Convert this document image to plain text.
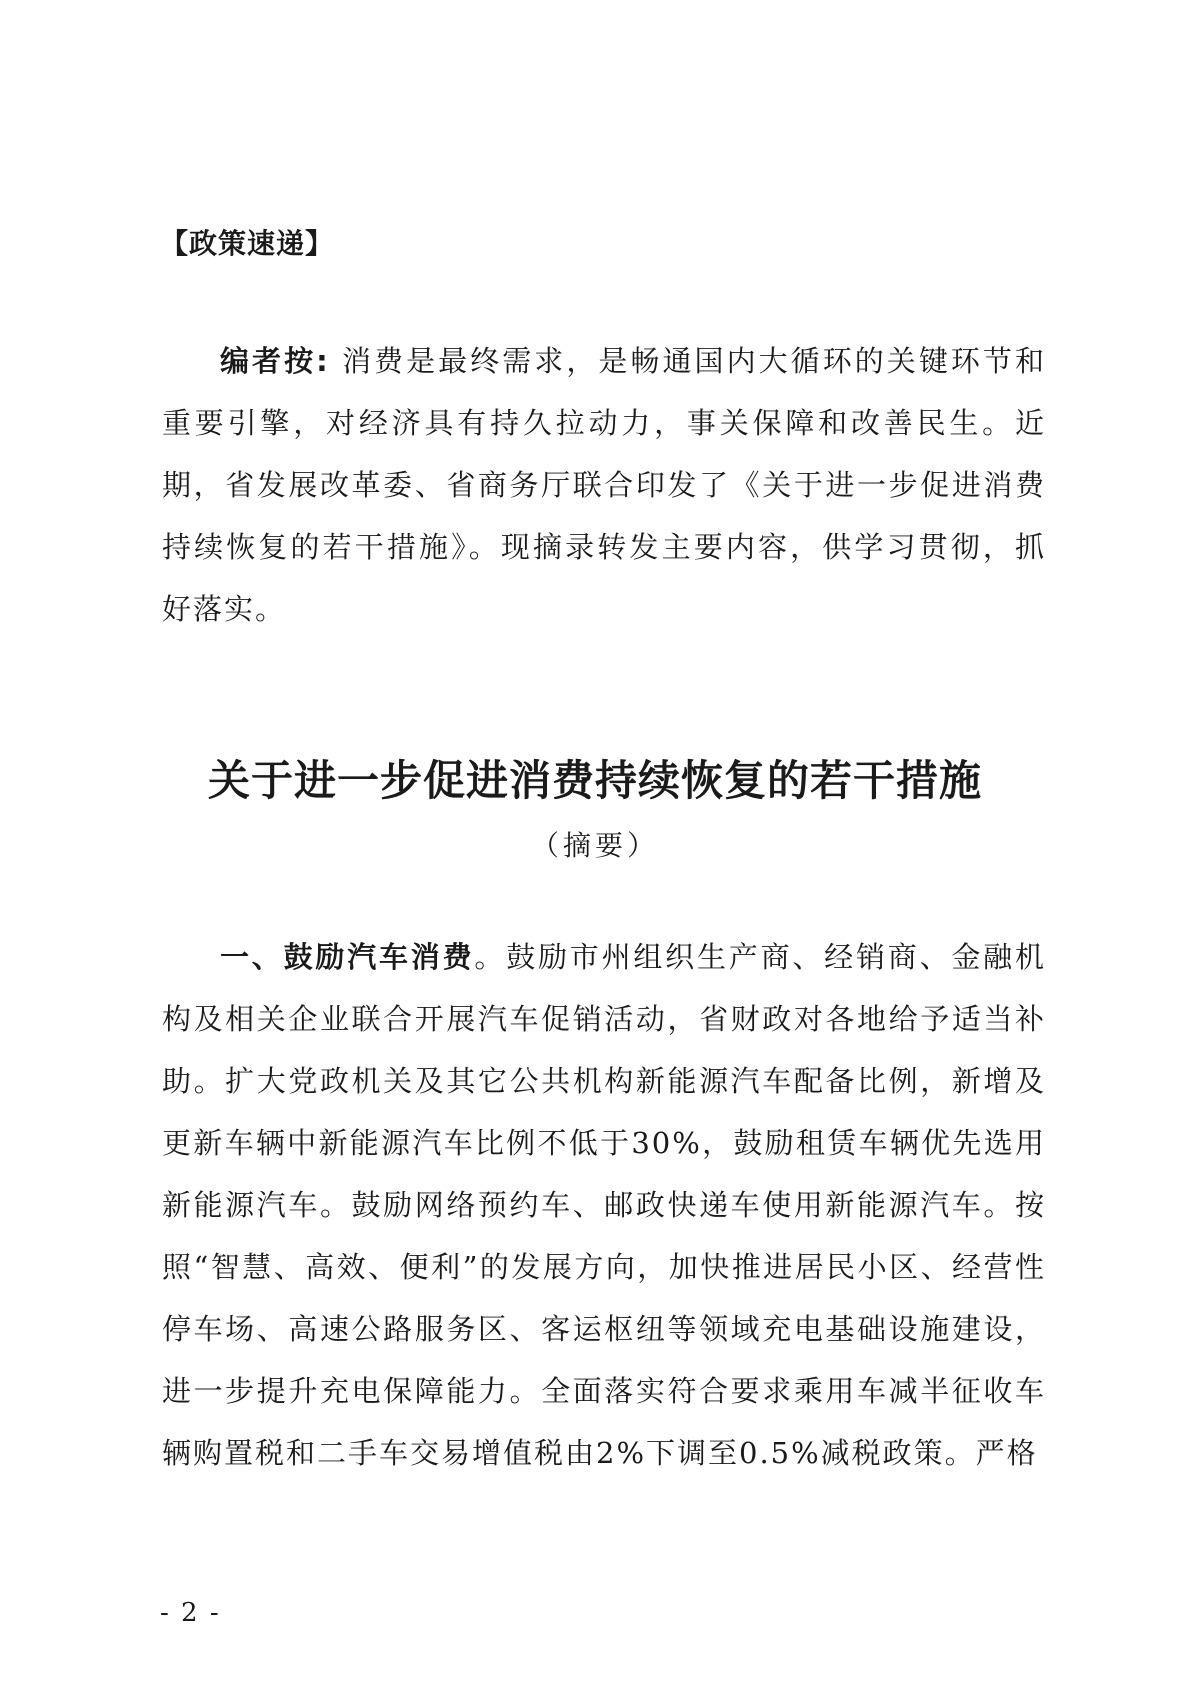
【政策速递】

编者按: 消费是最终需求，是畅通国内大循环的关键环节和重要引擎，对经济具有持久拉动力，事关保障和改善民生。近期，省发展改革委、省商务厅联合印发了《关于进一步促进消费持续恢复的若干措施》。现摘录转发主要内容，供学习贯彻，抓好落实。

关于进一步促进消费持续恢复的若干措施
（摘要）

一、鼓励汽车消费。鼓励市州组织生产商、经销商、金融机构及相关企业联合开展汽车促销活动，省财政对各地给予适当补助。扩大党政机关及其它公共机构新能源汽车配备比例，新增及更新车辆中新能源汽车比例不低于30%，鼓励租赁车辆优先选用新能源汽车。鼓励网络预约车、邮政快递车使用新能源汽车。按照“智慧、高效、便利”的发展方向，加快推进居民小区、经营性停车场、高速公路服务区、客运枢纽等领域充电基础设施建设，进一步提升充电保障能力。全面落实符合要求乘用车减半征收车辆购置税和二手车交易增值税由2%下调至0.5%减税政策。严格

- 2 -
